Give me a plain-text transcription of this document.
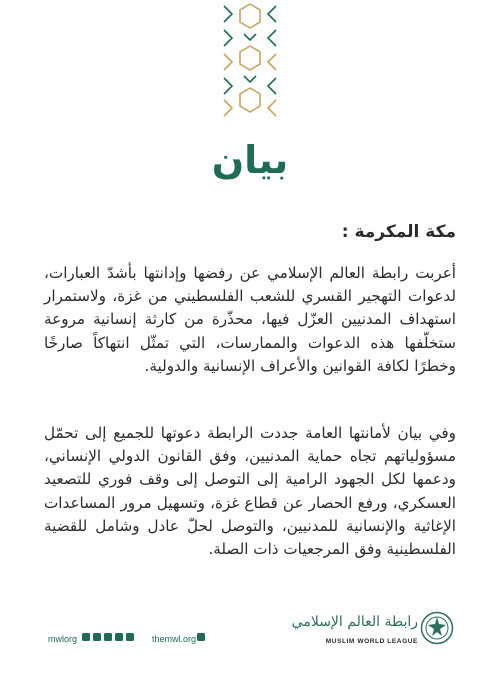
بيان
مكة المكرمة :
أعربت رابطة العالم الإسلامي عن رفضها وإدانتها بأشدّ العبارات، لدعوات التهجير القسري للشعب الفلسطيني من غزة، ولاستمرار استهداف المدنيين العزّل فيها، محذّرة من كارثة إنسانية مروعة ستخلّفها هذه الدعوات والممارسات، التي تمثّل انتهاكاً صارخًا وخطرًا لكافة القوانين والأعراف الإنسانية والدولية.
وفي بيان لأمانتها العامة جددت الرابطة دعوتها للجميع إلى تحمّل مسؤولياتهم تجاه حماية المدنيين، وفق القانون الدولي الإنساني، ودعمها لكل الجهود الرامية إلى التوصل إلى وقف فوري للتصعيد العسكري، ورفع الحصار عن قطاع غزة، وتسهيل مرور المساعدات الإغاثية والإنسانية للمدنيين، والتوصل لحلّ عادل وشامل للقضية الفلسطينية وفق المرجعيات ذات الصلة.
mwlorg	themwl.org
رابطة العالم الإسلامي
MUSLIM WORLD LEAGUE
